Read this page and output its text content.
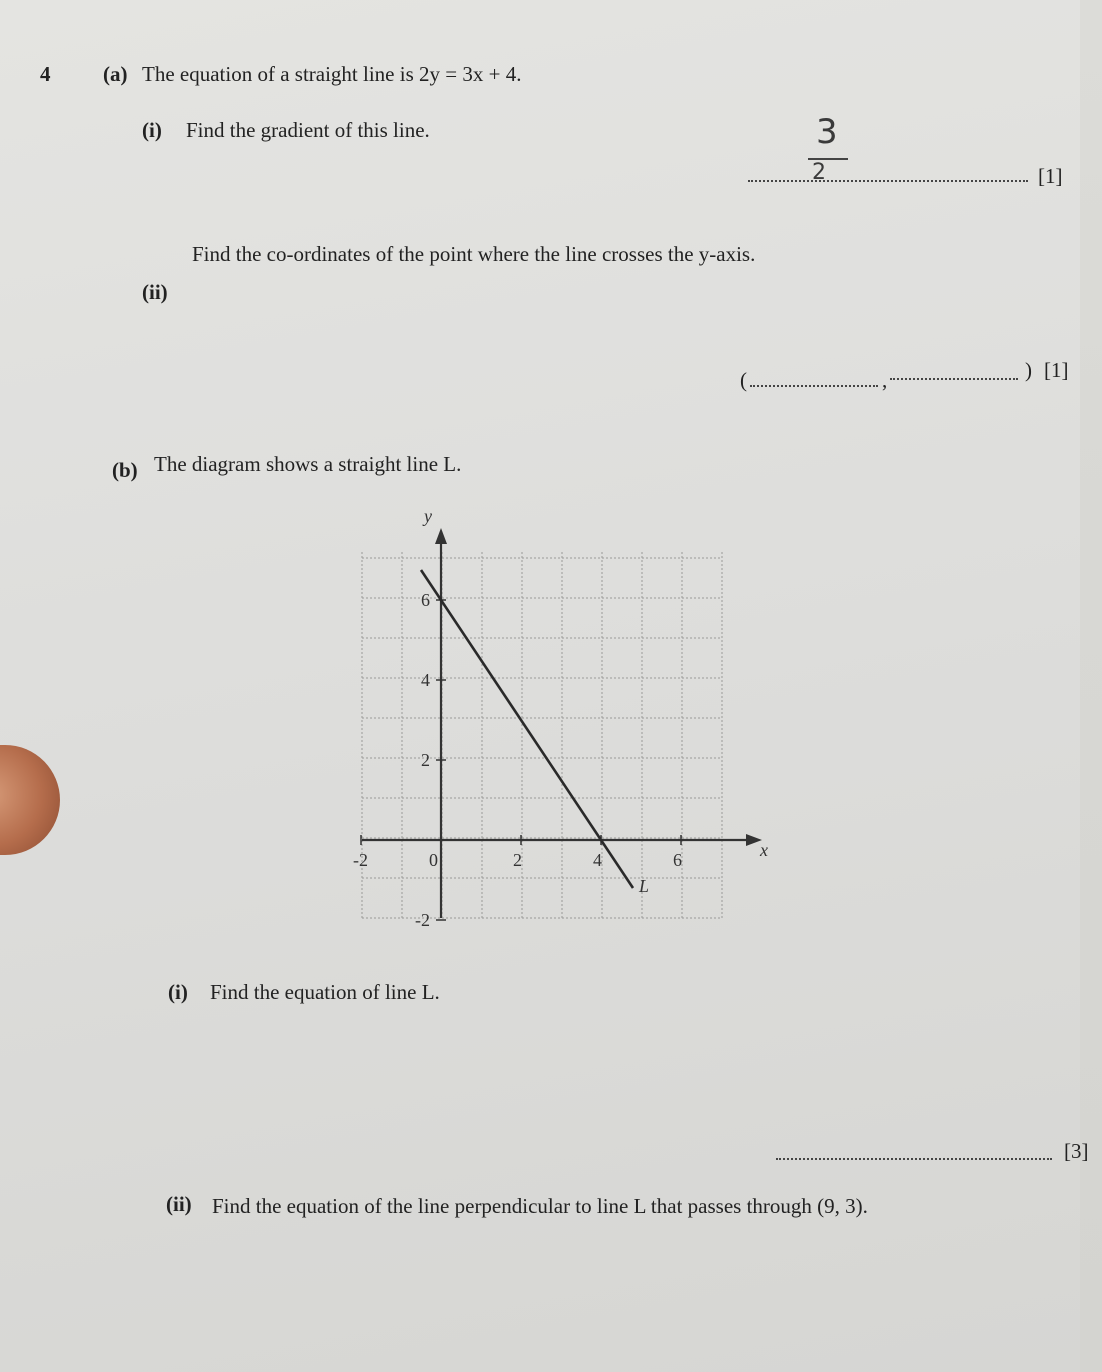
4	(a) The equation of a straight line is 2y = 3x + 4.
(i) Find the gradient of this line.	3
2	[1]
(ii)
Find the co-ordinates of the point where the line crosses the y-axis.
(	,	) [1]
(b) The diagram shows a straight line L.
x
y
-2	0	2	4	6
6
4
2
-2
L
(i) Find the equation of line L.
[3]
(ii) Find the equation of the line perpendicular to line L that passes through (9, 3).
